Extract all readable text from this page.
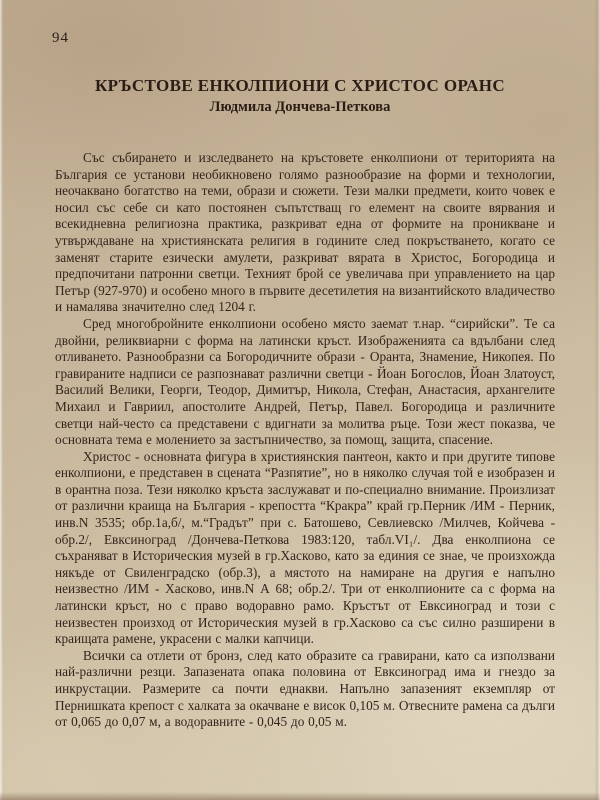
94
КРЪСТОВЕ ЕНКОЛПИОНИ С ХРИСТОС ОРАНС
Людмила Дончева-Петкова

Със събирането и изследването на кръстовете енколпиони от територията на България се установи необикновено голямо разнообразие на форми и технологии, неочаквано богатство на теми, образи и сюжети. Тези малки предмети, които човек е носил със себе си като постоянен съпътстващ го елемент на своите вярвания и всекидневна религиозна практика, разкриват една от формите на проникване и утвърждаване на християнската религия в годините след покръстването, когато се заменят старите езически амулети, разкриват вярата в Христос, Богородица и предпочитани патронни светци. Техният брой се увеличава при управлението на цар Петър (927-970) и особено много в първите десетилетия на византийското владичество и намалява значително след 1204 г.

Сред многобройните енколпиони особено място заемат т.нар. “сирийски”. Те са двойни, реликвиарни с форма на латински кръст. Изображенията са вдълбани след отливането. Разнообразни са Богородичните образи - Оранта, Знамение, Никопея. По гравираните надписи се разпознават различни светци - Йоан Богослов, Йоан Златоуст, Василий Велики, Георги, Теодор, Димитър, Никола, Стефан, Анастасия, архангелите Михаил и Гавриил, апостолите Андрей, Петър, Павел. Богородица и различните светци най-често са представени с вдигнати за молитва ръце. Този жест показва, че основната тема е молението за застъпничество, за помощ, защита, спасение.

Христос - основната фигура в християнския пантеон, както и при другите типове енколпиони, е представен в сцената “Разпятие”, но в няколко случая той е изобразен и в орантна поза. Тези няколко кръста заслужават и по-специално внимание. Произлизат от различни краища на България - крепостта “Кракра” край гр.Перник /ИМ - Перник, инв.N 3535; обр.1а,б/, м.“Градът” при с. Батошево, Севлиевско /Милчев, Койчева - обр.2/, Евксиноград /Дончева-Петкова 1983:120, табл.VI₁/. Два енколпиона се съхраняват в Историческия музей в гр.Хасково, като за единия се знае, че произхожда някъде от Свиленградско (обр.3), а мястото на намиране на другия е напълно неизвестно /ИМ - Хасково, инв.N А 68; обр.2/. Три от енколпионите са с форма на латински кръст, но с право водоравно рамо. Кръстът от Евксиноград и този с неизвестен произход от Историческия музей в гр.Хасково са със силно разширени в краищата рамене, украсени с малки капчици.

Всички са отлети от бронз, след като образите са гравирани, като са използвани най-различни резци. Запазената опака половина от Евксиноград има и гнездо за инкрустации. Размерите са почти еднакви. Напълно запазеният екземпляр от Пернишката крепост с халката за окачване е висок 0,105 м. Отвесните рамена са дълги от 0,065 до 0,07 м, а водоравните - 0,045 до 0,05 м.
